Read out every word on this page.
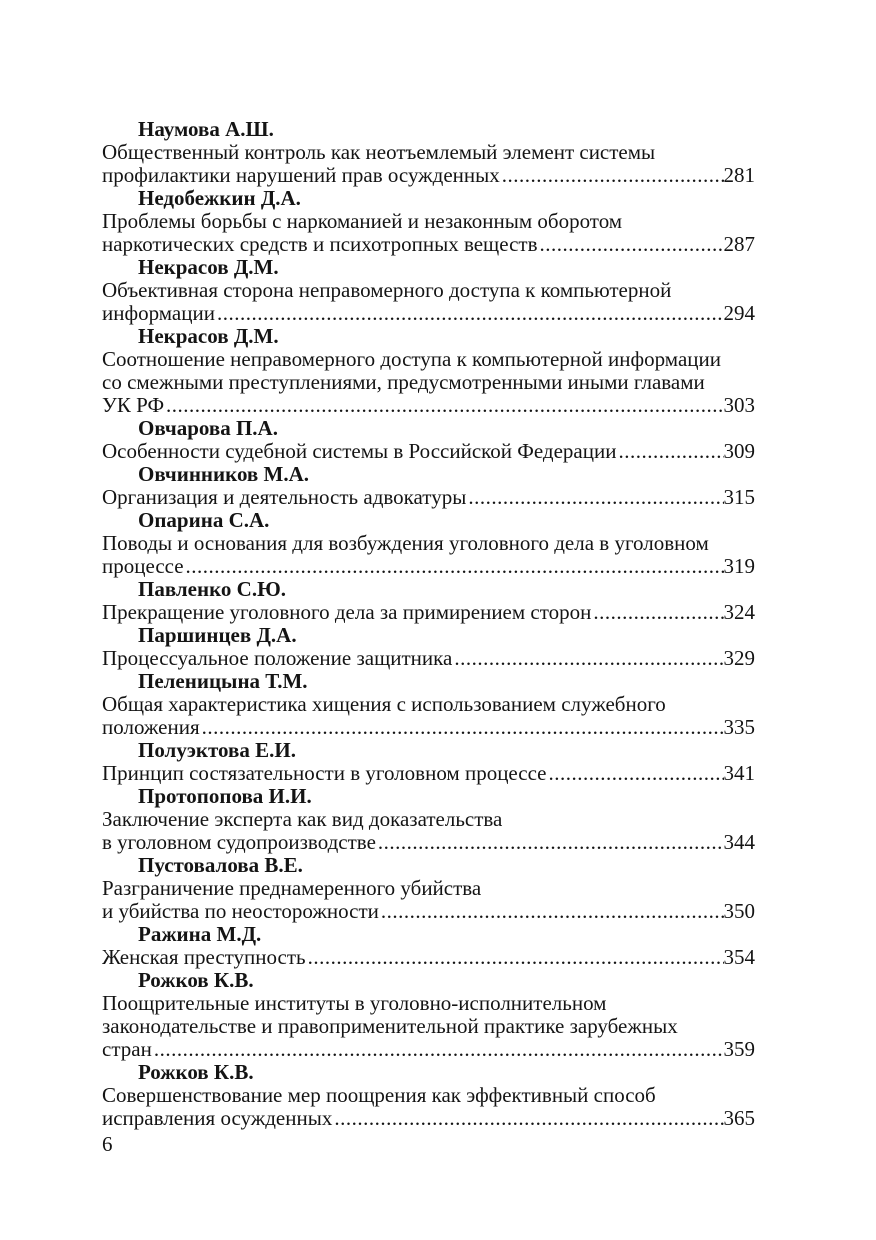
Наумова А.Ш.
Общественный контроль как неотъемлемый элемент системы
профилактики нарушений прав осужденных .....	281
Недобежкин Д.А.
Проблемы борьбы с наркоманией и незаконным оборотом
наркотических средств и психотропных веществ .....	287
Некрасов Д.М.
Объективная сторона неправомерного доступа к компьютерной
информации .....	294
Некрасов Д.М.
Соотношение неправомерного доступа к компьютерной информации
со смежными преступлениями, предусмотренными иными главами
УК РФ .....	303
Овчарова П.А.
Особенности судебной системы в Российской Федерации .....	309
Овчинников М.А.
Организация и деятельность адвокатуры .....	315
Опарина С.А.
Поводы и основания для возбуждения уголовного дела в уголовном
процессе .....	319
Павленко С.Ю.
Прекращение уголовного дела за примирением сторон .....	324
Паршинцев Д.А.
Процессуальное положение защитника .....	329
Пеленицына Т.М.
Общая характеристика хищения с использованием служебного
положения .....	335
Полуэктова Е.И.
Принцип состязательности в уголовном процессе .....	341
Протопопова И.И.
Заключение эксперта как вид доказательства
в уголовном судопроизводстве .....	344
Пустовалова В.Е.
Разграничение преднамеренного убийства
и убийства по неосторожности .....	350
Ражина М.Д.
Женская преступность .....	354
Рожков К.В.
Поощрительные институты в уголовно-исполнительном
законодательстве и правоприменительной практике зарубежных
стран .....	359
Рожков К.В.
Совершенствование мер поощрения как эффективный способ
исправления осужденных .....	365
6
